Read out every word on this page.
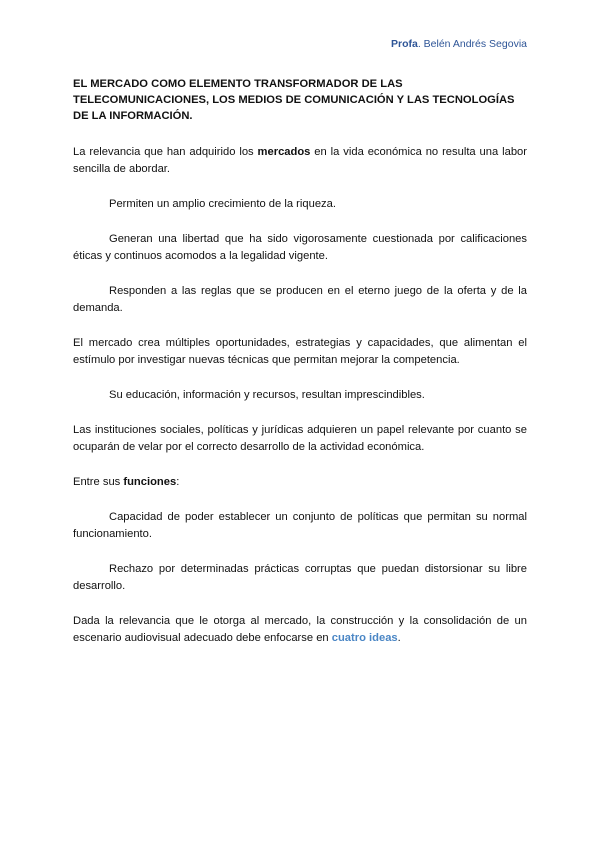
Profa. Belén Andrés Segovia
EL MERCADO COMO ELEMENTO TRANSFORMADOR DE LAS TELECOMUNICACIONES, LOS MEDIOS DE COMUNICACIÓN Y LAS TECNOLOGÍAS DE LA INFORMACIÓN.

La relevancia que han adquirido los mercados en la vida económica no resulta una labor sencilla de abordar.

Permiten un amplio crecimiento de la riqueza.

Generan una libertad que ha sido vigorosamente cuestionada por calificaciones éticas y continuos acomodos a la legalidad vigente.

Responden a las reglas que se producen en el eterno juego de la oferta y de la demanda.

El mercado crea múltiples oportunidades, estrategias y capacidades, que alimentan el estímulo por investigar nuevas técnicas que permitan mejorar la competencia.

Su educación, información y recursos, resultan imprescindibles.

Las instituciones sociales, políticas y jurídicas adquieren un papel relevante por cuanto se ocuparán de velar por el correcto desarrollo de la actividad económica.

Entre sus funciones:

Capacidad de poder establecer un conjunto de políticas que permitan su normal funcionamiento.

Rechazo por determinadas prácticas corruptas que puedan distorsionar su libre desarrollo.

Dada la relevancia que le otorga al mercado, la construcción y la consolidación de un escenario audiovisual adecuado debe enfocarse en cuatro ideas.
